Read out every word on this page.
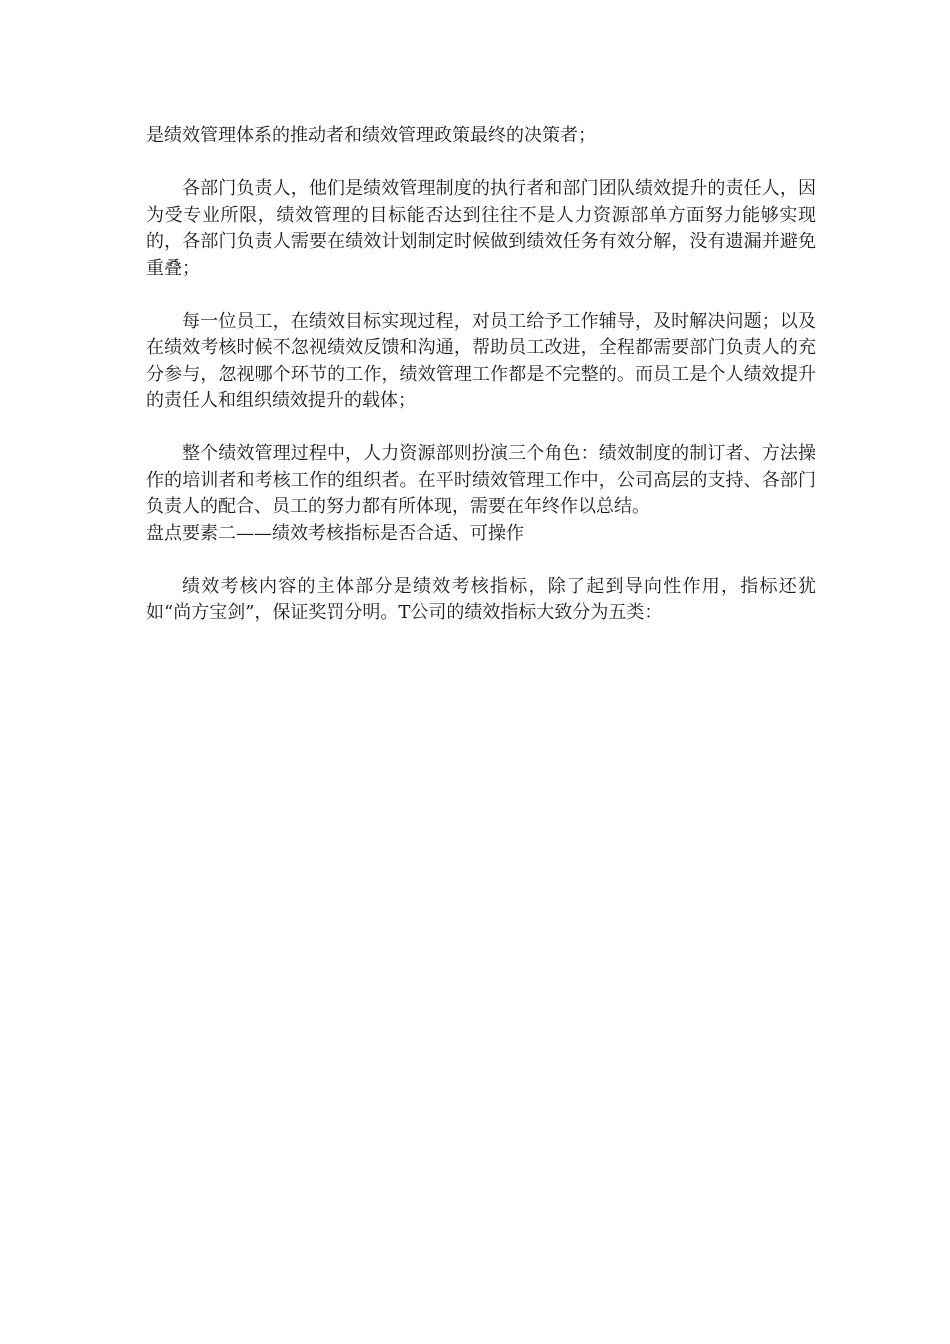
是绩效管理体系的推动者和绩效管理政策最终的决策者；

各部门负责人，他们是绩效管理制度的执行者和部门团队绩效提升的责任人，因为受专业所限，绩效管理的目标能否达到往往不是人力资源部单方面努力能够实现的，各部门负责人需要在绩效计划制定时候做到绩效任务有效分解，没有遗漏并避免重叠；

每一位员工，在绩效目标实现过程，对员工给予工作辅导，及时解决问题；以及在绩效考核时候不忽视绩效反馈和沟通，帮助员工改进，全程都需要部门负责人的充分参与，忽视哪个环节的工作，绩效管理工作都是不完整的。而员工是个人绩效提升的责任人和组织绩效提升的载体；

整个绩效管理过程中，人力资源部则扮演三个角色：绩效制度的制订者、方法操作的培训者和考核工作的组织者。在平时绩效管理工作中，公司高层的支持、各部门负责人的配合、员工的努力都有所体现，需要在年终作以总结。

盘点要素二——绩效考核指标是否合适、可操作

绩效考核内容的主体部分是绩效考核指标，除了起到导向性作用，指标还犹如“尚方宝剑”，保证奖罚分明。T公司的绩效指标大致分为五类：
